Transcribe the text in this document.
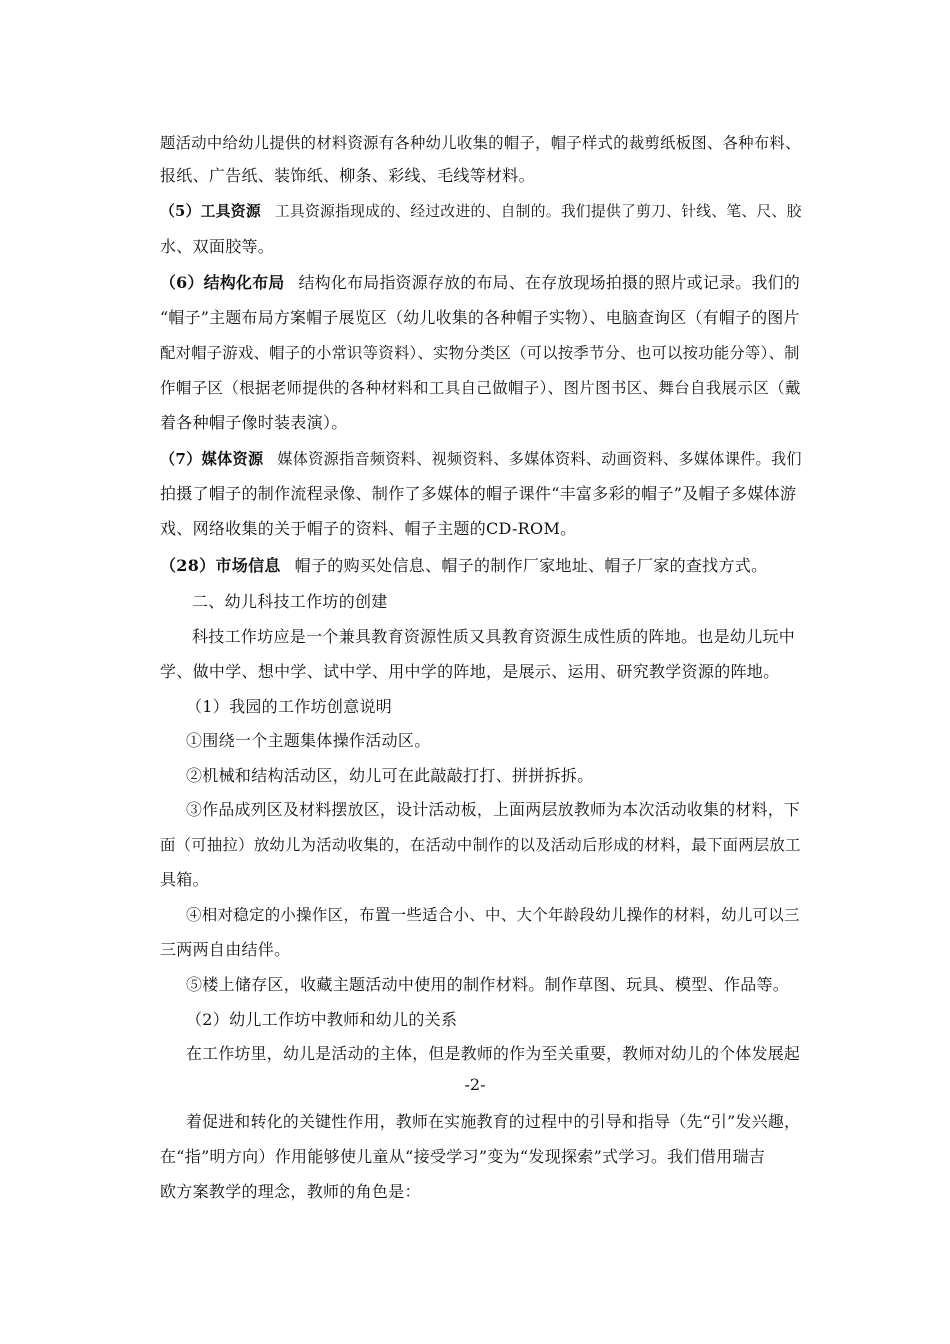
题活动中给幼儿提供的材料资源有各种幼儿收集的帽子，帽子样式的裁剪纸板图、各种布料、
报纸、广告纸、装饰纸、柳条、彩线、毛线等材料。
（5）工具资源 工具资源指现成的、经过改进的、自制的。我们提供了剪刀、针线、笔、尺、胶
水、双面胶等。
（6）结构化布局 结构化布局指资源存放的布局、在存放现场拍摄的照片或记录。我们的
“帽子”主题布局方案帽子展览区（幼儿收集的各种帽子实物）、电脑查询区（有帽子的图片
配对帽子游戏、帽子的小常识等资料）、实物分类区（可以按季节分、也可以按功能分等）、制
作帽子区（根据老师提供的各种材料和工具自己做帽子）、图片图书区、舞台自我展示区（戴
着各种帽子像时装表演）。
（7）媒体资源 媒体资源指音频资料、视频资料、多媒体资料、动画资料、多媒体课件。我们
拍摄了帽子的制作流程录像、制作了多媒体的帽子课件“丰富多彩的帽子”及帽子多媒体游
戏、网络收集的关于帽子的资料、帽子主题的CD-ROM。
（28）市场信息 帽子的购买处信息、帽子的制作厂家地址、帽子厂家的查找方式。
二、幼儿科技工作坊的创建
科技工作坊应是一个兼具教育资源性质又具教育资源生成性质的阵地。也是幼儿玩中
学、做中学、想中学、试中学、用中学的阵地，是展示、运用、研究教学资源的阵地。
（1）我园的工作坊创意说明
①围绕一个主题集体操作活动区。
②机械和结构活动区，幼儿可在此敲敲打打、拼拼拆拆。
③作品成列区及材料摆放区，设计活动板，上面两层放教师为本次活动收集的材料，下
面（可抽拉）放幼儿为活动收集的，在活动中制作的以及活动后形成的材料，最下面两层放工
具箱。
④相对稳定的小操作区，布置一些适合小、中、大个年龄段幼儿操作的材料，幼儿可以三
三两两自由结伴。
⑤楼上储存区，收藏主题活动中使用的制作材料。制作草图、玩具、模型、作品等。
（2）幼儿工作坊中教师和幼儿的关系
在工作坊里，幼儿是活动的主体，但是教师的作为至关重要，教师对幼儿的个体发展起
-2-
着促进和转化的关键性作用，教师在实施教育的过程中的引导和指导（先“引”发兴趣，
在“指”明方向）作用能够使儿童从“接受学习”变为“发现探索”式学习。我们借用瑞吉
欧方案教学的理念，教师的角色是：
